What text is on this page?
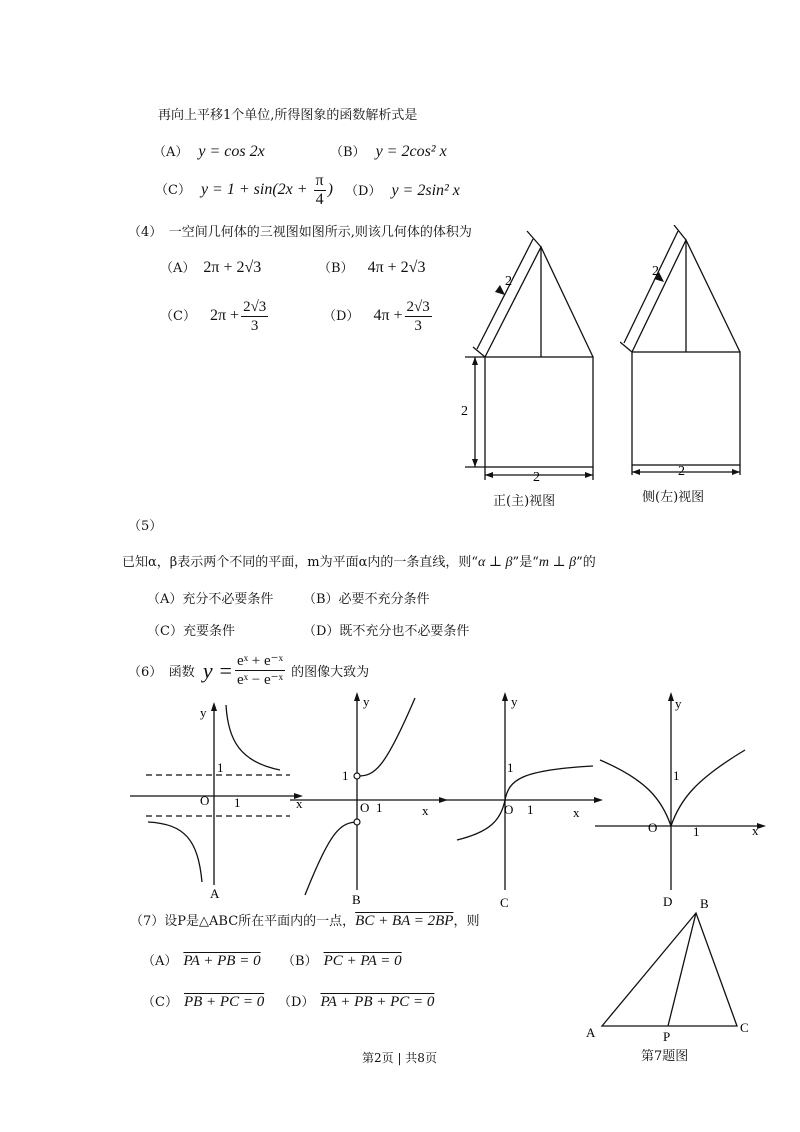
再向上平移1个单位,所得图象的函数解析式是
（A） y = cos 2x	（B） y = 2cos² x
（C） $y = 1 + \sin(2x + \frac{\pi}{4}$ ) （D） y = 2sin² x
（4）　一空间几何体的三视图如图所示,则该几何体的体积为
（A） 2π + 2√3	（B） 4π + 2√3
（C） $2\pi + \frac{2√3}{3}$	（D） $4\pi + \frac{2√3}{3}$
2
2
2
正(主)视图
2
2
侧(左)视图
（5）
已知α，β表示两个不同的平面，m为平面α内的一条直线，则“α ⊥ β”是“m ⊥ β”的
（A）充分不必要条件 （B）必要不充分条件
（C）充要条件	（D）既不充分也不必要条件
（6）　函数 $y = \frac{\text{eˣ + e⁻ˣ}}{\text{eˣ − e⁻ˣ}}$ 的图像大致为
y
x
O
1
1
A
y
x
O
1
1
B
y
x
O
1
1
C
y
x
O
1
1
D
（7）设P是△ABC所在平面内的一点，BC + BA = 2BP，则
（A） PA + PB = 0 （B） PC + PA = 0
（C） PB + PC = 0 （D） PA + PB + PC = 0
A
B
C
P
第7题图
第2页 | 共8页
